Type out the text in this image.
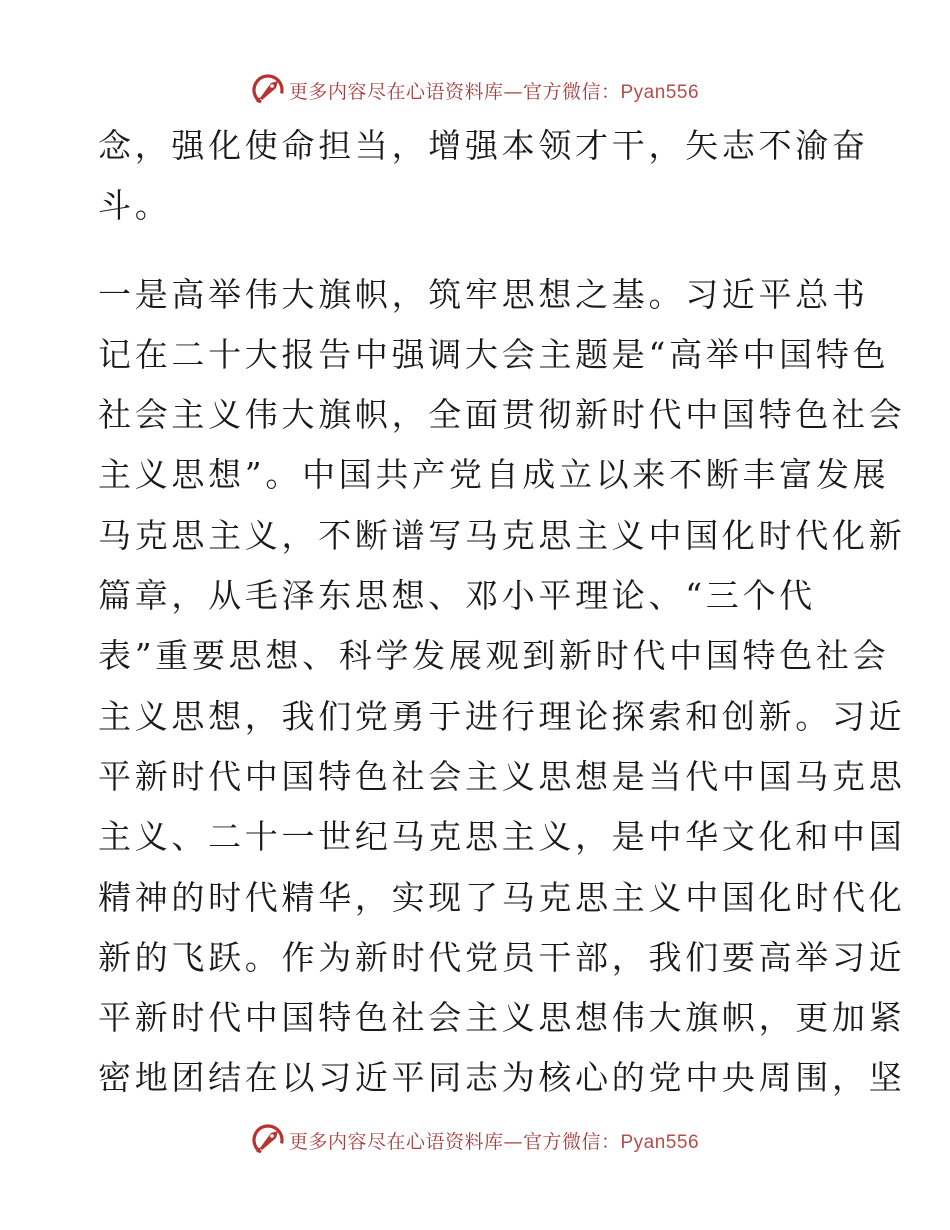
更多内容尽在心语资料库—官方微信：Pyan556
念，强化使命担当，增强本领才干，矢志不渝奋
斗。
一是高举伟大旗帜，筑牢思想之基。习近平总书
记在二十大报告中强调大会主题是“高举中国特色
社会主义伟大旗帜，全面贯彻新时代中国特色社会
主义思想”。中国共产党自成立以来不断丰富发展
马克思主义，不断谱写马克思主义中国化时代化新
篇章，从毛泽东思想、邓小平理论、“三个代
表”重要思想、科学发展观到新时代中国特色社会
主义思想，我们党勇于进行理论探索和创新。习近
平新时代中国特色社会主义思想是当代中国马克思
主义、二十一世纪马克思主义，是中华文化和中国
精神的时代精华，实现了马克思主义中国化时代化
新的飞跃。作为新时代党员干部，我们要高举习近
平新时代中国特色社会主义思想伟大旗帜，更加紧
密地团结在以习近平同志为核心的党中央周围，坚
更多内容尽在心语资料库—官方微信：Pyan556
